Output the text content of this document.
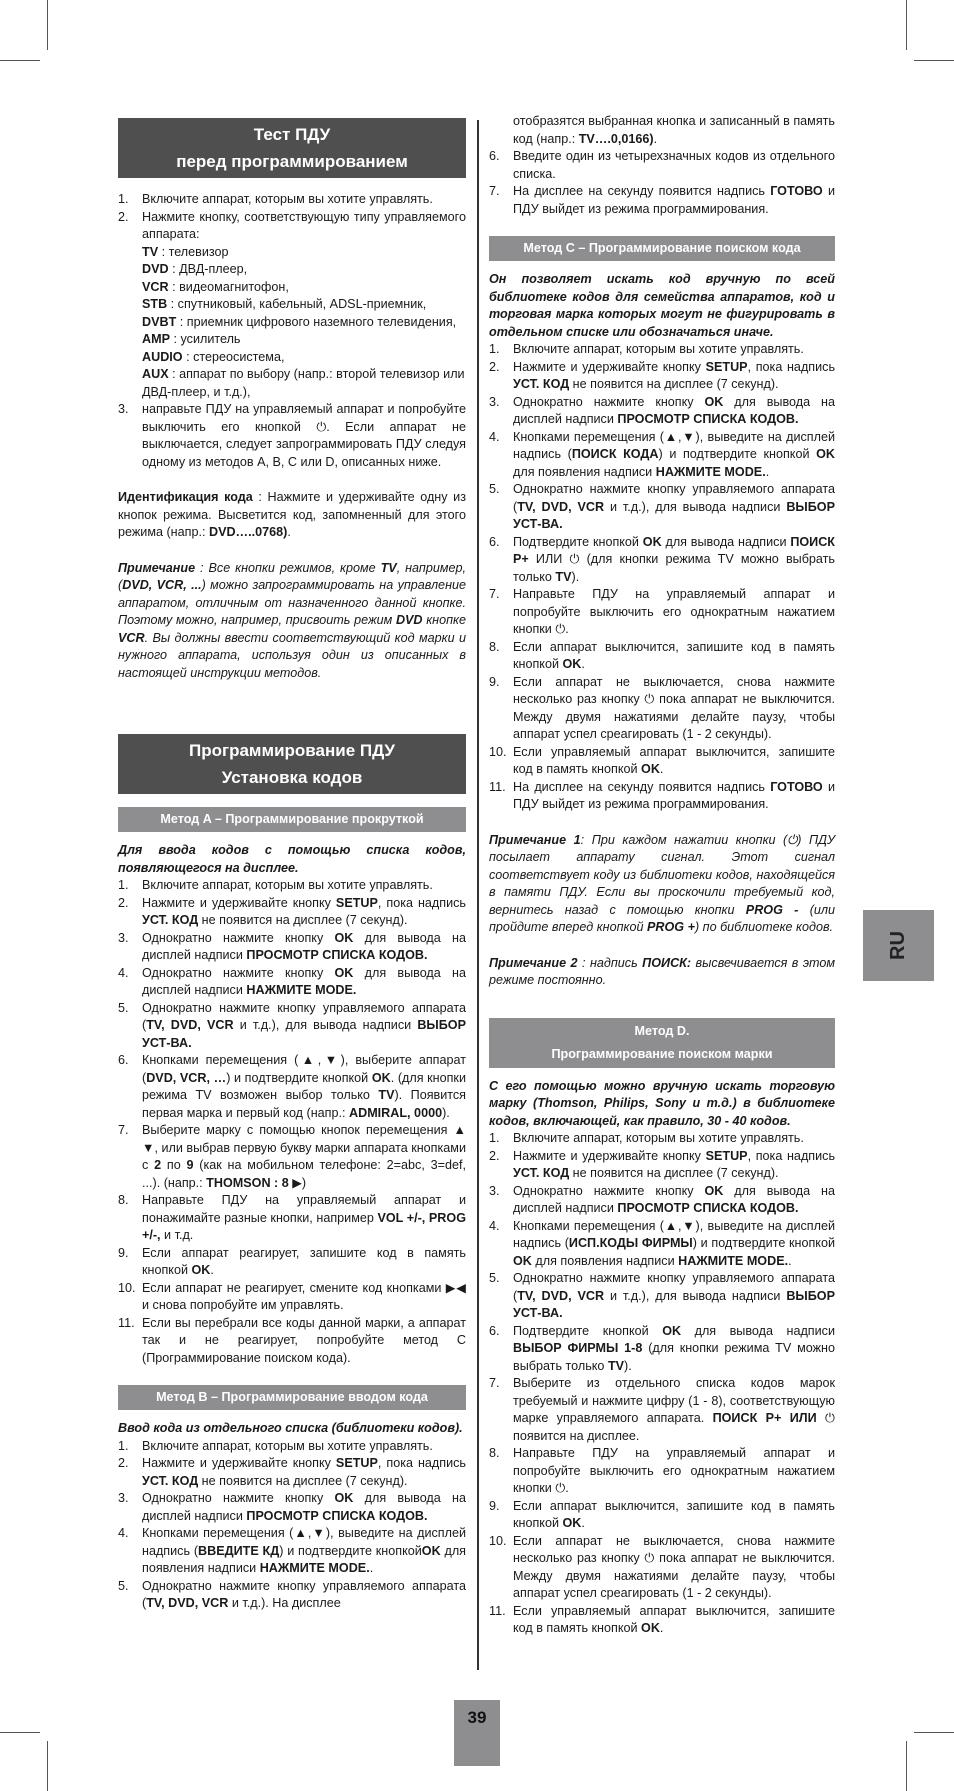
Тест ПДУ
перед программированием
1.	Включите аппарат, которым вы хотите управлять.
2.	Нажмите кнопку, соответствующую типу управляемого аппарата:
TV : телевизор
DVD : ДВД-плеер,
VCR : видеомагнитофон,
STB : спутниковый, кабельный, ADSL-приемник,
DVBT : приемник цифрового наземного телевидения,
AMP : усилитель
AUDIO : стереосистема,
AUX : аппарат по выбору (напр.: второй телевизор или ДВД-плеер, и т.д.),
3.	направьте ПДУ на управляемый аппарат и попробуйте выключить его кнопкой ⏻. Если аппарат не выключается, следует запрограммировать ПДУ следуя одному из методов A, B, C или D, описанных ниже.

Идентификация кода : Нажмите и удерживайте одну из кнопок режима. Высветится код, запомненный для этого режима (напр.: DVD…..0768).

Примечание : Все кнопки режимов, кроме TV, например, (DVD, VCR, ...) можно запрограммировать на управление аппаратом, отличным от назначенного данной кнопке. Поэтому можно, например, присвоить режим DVD кнопке VCR. Вы должны ввести соответствующий код марки и нужного аппарата, используя один из описанных в настоящей инструкции методов.

Программирование ПДУ
Установка кодов
Метод A – Программирование прокруткой

Для ввода кодов с помощью списка кодов, появляющегося на дисплее.

1.	Включите аппарат, которым вы хотите управлять.
2.	Нажмите и удерживайте кнопку SETUP, пока надпись УСТ. КОД не появится на дисплее (7 секунд).
3.	Однократно нажмите кнопку OK для вывода на дисплей надписи ПРОСМОТР СПИСКА КОДОВ.
4.	Однократно нажмите кнопку OK для вывода на дисплей надписи НАЖМИТЕ MODE.
5.	Однократно нажмите кнопку управляемого аппарата (TV, DVD, VCR и т.д.), для вывода надписи ВЫБОР УСТ-ВА.
6.	Кнопками перемещения (▲,▼), выберите аппарат (DVD, VCR, …) и подтвердите кнопкой OK. (для кнопки режима TV возможен выбор только TV). Появится первая марка и первый код (напр.: ADMIRAL, 0000).
7.	Выберите марку с помощью кнопок перемещения ▲ ▼, или выбрав первую букву марки аппарата кнопками с 2 по 9 (как на мобильном телефоне: 2=abc, 3=def, ...). (напр.: THOMSON : 8 ▶)
8.	Направьте ПДУ на управляемый аппарат и понажимайте разные кнопки, например VOL +/-, PROG +/-, и т.д.
9.	Если аппарат реагирует, запишите код в память кнопкой OK.
10. Если аппарат не реагирует, смените код кнопками ▶◀ и снова попробуйте им управлять.
11. Если вы перебрали все коды данной марки, а аппарат так и не реагирует, попробуйте метод C (Программирование поиском кода).
Метод B – Программирование вводом кода

Ввод кода из отдельного списка (библиотеки кодов).

1.	Включите аппарат, которым вы хотите управлять.
2.	Нажмите и удерживайте кнопку SETUP, пока надпись УСТ. КОД не появится на дисплее (7 секунд).
3.	Однократно нажмите кнопку OK для вывода на дисплей надписи ПРОСМОТР СПИСКА КОДОВ.
4.	Кнопками перемещения (▲,▼), выведите на дисплей надпись (ВВЕДИТЕ КД) и подтвердите кнопкойOK для появления надписи НАЖМИТЕ MODE..
5.	Однократно нажмите кнопку управляемого аппарата (TV, DVD, VCR и т.д.). На дисплее

отобразятся выбранная кнопка и записанный в память код (напр.: TV….0,0166).

6.	Введите один из четырехзначных кодов из отдельного списка.
7.	На дисплее на секунду появится надпись ГОТОВО и ПДУ выйдет из режима программирования.
Метод C – Программирование поиском кода

Он позволяет искать код вручную по всей библиотеке кодов для семейства аппаратов, код и торговая марка которых могут не фигурировать в отдельном списке или обозначаться иначе.

1.	Включите аппарат, которым вы хотите управлять.
2.	Нажмите и удерживайте кнопку SETUP, пока надпись УСТ. КОД не появится на дисплее (7 секунд).
3.	Однократно нажмите кнопку OK для вывода на дисплей надписи ПРОСМОТР СПИСКА КОДОВ.
4.	Кнопками перемещения (▲,▼), выведите на дисплей надпись (ПОИСК КОДА) и подтвердите кнопкой OK для появления надписи НАЖМИТЕ MODE..
5.	Однократно нажмите кнопку управляемого аппарата (TV, DVD, VCR и т.д.), для вывода надписи ВЫБОР УСТ-ВА.
6.	Подтвердите кнопкой OK для вывода надписи ПОИСК P+ ИЛИ ⏻ (для кнопки режима TV можно выбрать только TV).
7.	Направьте ПДУ на управляемый аппарат и попробуйте выключить его однократным нажатием кнопки ⏻.
8.	Если аппарат выключится, запишите код в память кнопкой OK.
9.	Если аппарат не выключается, снова нажмите несколько раз кнопку ⏻ пока аппарат не выключится. Между двумя нажатиями делайте паузу, чтобы аппарат успел среагировать (1 - 2 секунды).
10. Если управляемый аппарат выключится, запишите код в память кнопкой OK.
11. На дисплее на секунду появится надпись ГОТОВО и ПДУ выйдет из режима программирования.

Примечание 1: При каждом нажатии кнопки (⏻) ПДУ посылает аппарату сигнал. Этот сигнал соответствует коду из библиотеки кодов, находящейся в памяти ПДУ. Если вы проскочили требуемый код, вернитесь назад с помощью кнопки PROG - (или пройдите вперед кнопкой PROG +) по библиотеке кодов.

Примечание 2 : надпись ПОИСК: высвечивается в этом режиме постоянно.

Метод D.
Программирование поиском марки

С его помощью можно вручную искать торговую марку (Thomson, Philips, Sony и т.д.) в библиотеке кодов, включающей, как правило, 30 - 40 кодов.

1.	Включите аппарат, которым вы хотите управлять.
2.	Нажмите и удерживайте кнопку SETUP, пока надпись УСТ. КОД не появится на дисплее (7 секунд).
3.	Однократно нажмите кнопку OK для вывода на дисплей надписи ПРОСМОТР СПИСКА КОДОВ.
4.	Кнопками перемещения (▲,▼), выведите на дисплей надпись (ИСП.КОДЫ ФИРМЫ) и подтвердите кнопкой OK для появления надписи НАЖМИТЕ MODE..
5.	Однократно нажмите кнопку управляемого аппарата (TV, DVD, VCR и т.д.), для вывода надписи ВЫБОР УСТ-ВА.
6.	Подтвердите кнопкой OK для вывода надписи ВЫБОР ФИРМЫ 1-8 (для кнопки режима TV можно выбрать только TV).
7.	Выберите из отдельного списка кодов марок требуемый и нажмите цифру (1 - 8), соответствующую марке управляемого аппарата. ПОИСК P+ ИЛИ ⏻ появится на дисплее.
8.	Направьте ПДУ на управляемый аппарат и попробуйте выключить его однократным нажатием кнопки ⏻.
9.	Если аппарат выключится, запишите код в память кнопкой OK.
10. Если аппарат не выключается, снова нажмите несколько раз кнопку ⏻ пока аппарат не выключится. Между двумя нажатиями делайте паузу, чтобы аппарат успел среагировать (1 - 2 секунды).
11. Если управляемый аппарат выключится, запишите код в память кнопкой OK.
RU
39
